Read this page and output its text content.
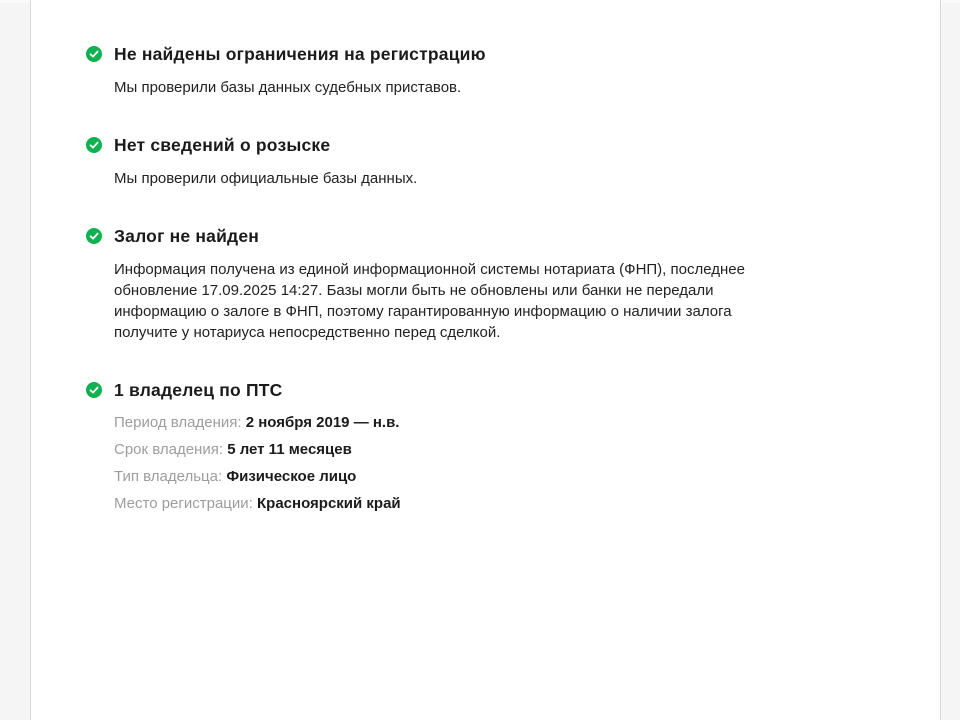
Не найдены ограничения на регистрацию

Мы проверили базы данных судебных приставов.

Нет сведений о розыске

Мы проверили официальные базы данных.

Залог не найден

Информация получена из единой информационной системы нотариата (ФНП), последнее обновление 17.09.2025 14:27. Базы могли быть не обновлены или банки не передали информацию о залоге в ФНП, поэтому гарантированную информацию о наличии залога получите у нотариуса непосредственно перед сделкой.

1 владелец по ПТС
Период владения: 2 ноября 2019 — н.в.
Срок владения: 5 лет 11 месяцев
Тип владельца: Физическое лицо
Место регистрации: Красноярский край
